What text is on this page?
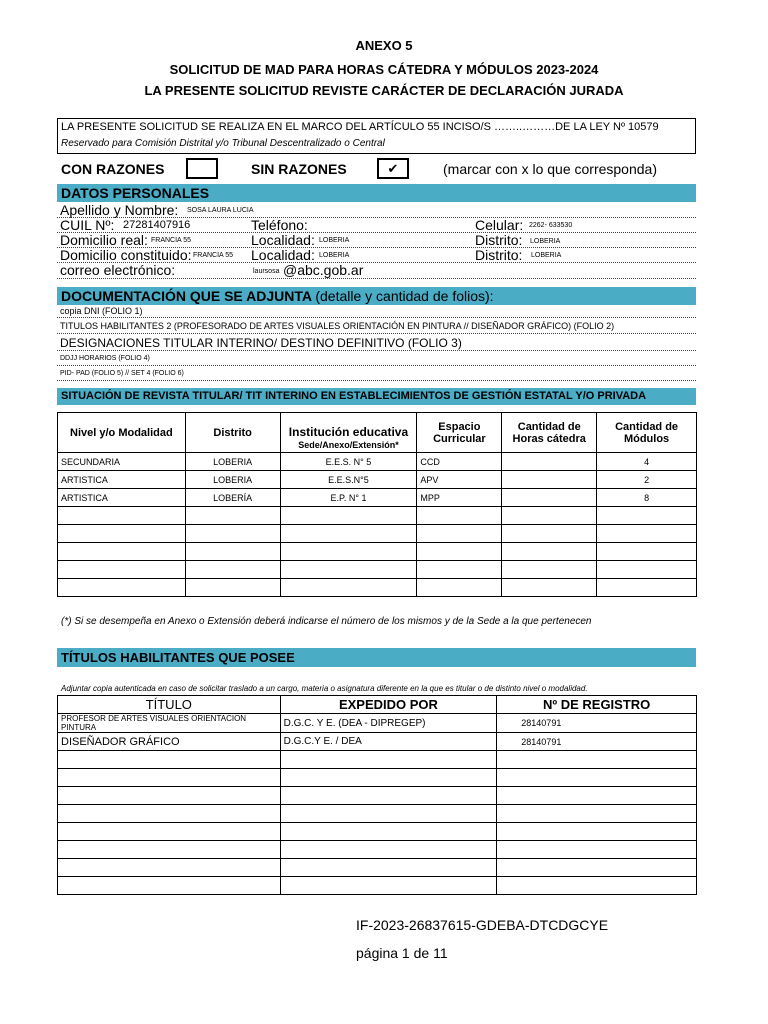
ANEXO 5
SOLICITUD DE MAD PARA HORAS CÁTEDRA Y MÓDULOS 2023-2024
LA PRESENTE SOLICITUD REVISTE CARÁCTER DE DECLARACIÓN JURADA
LA PRESENTE SOLICITUD SE REALIZA EN EL MARCO DEL ARTÍCULO 55 INCISO/S ……..………DE LA LEY Nº 10579
Reservado para Comisión Distrital y/o Tribunal Descentralizado o Central
CON RAZONES	SIN RAZONES	✔	(marcar con x lo que corresponda)
DATOS PERSONALES
Apellido y Nombre: SOSA LAURA LUCIA
CUIL Nº: 27281407916	Teléfono:	Celular: 2262- 633530
Domicilio real: FRANCIA 55	Localidad: LOBERIA	Distrito: LOBERIA
Domicilio constituido: FRANCIA 55 Localidad: LOBERIA	Distrito: LOBERIA
correo electrónico:	laursosa @abc.gob.ar
DOCUMENTACIÓN QUE SE ADJUNTA (detalle y cantidad de folios):
copia DNI (FOLIO 1)
TITULOS HABILITANTES 2 (PROFESORADO DE ARTES VISUALES ORIENTACIÓN EN PINTURA // DISEÑADOR GRÁFICO) (FOLIO 2)
DESIGNACIONES TITULAR INTERINO/ DESTINO DEFINITIVO (FOLIO 3)
DDJJ HORARIOS (FOLIO 4)
PID- PAD (FOLIO 5) // SET 4 (FOLIO 6)
SITUACIÓN DE REVISTA TITULAR/ TIT INTERINO EN ESTABLECIMIENTOS DE GESTIÓN ESTATAL Y/O PRIVADA
Nivel y/o Modalidad	Distrito	Institución educativa	Espacio Curricular	Cantidad de Horas cátedra	Cantidad de Módulos
		Sede/Anexo/Extensión*			
SECUNDARIA	LOBERIA	E.E.S. N° 5	CCD		4
ARTISTICA	LOBERIA	E.E.S.N°5	APV		2
ARTISTICA	LOBERÍA	E.P. N° 1	MPP		8

(*) Si se desempeña en Anexo o Extensión deberá indicarse el número de los mismos y de la Sede a la que pertenecen
TÍTULOS HABILITANTES QUE POSEE
Adjuntar copia autenticada en caso de solicitar traslado a un cargo, materia o asignatura diferente en la que es titular o de distinto nivel o modalidad.
TÍTULO	EXPEDIDO POR	Nº DE REGISTRO
PROFESOR DE ARTES VISUALES ORIENTACION PINTURA	D.G.C. Y E. (DEA - DIPREGEP)	28140791
DISEÑADOR GRÁFICO	D.G.C.Y E. / DEA	28140791

IF-2023-26837615-GDEBA-DTCDGCYE
página 1 de 11
